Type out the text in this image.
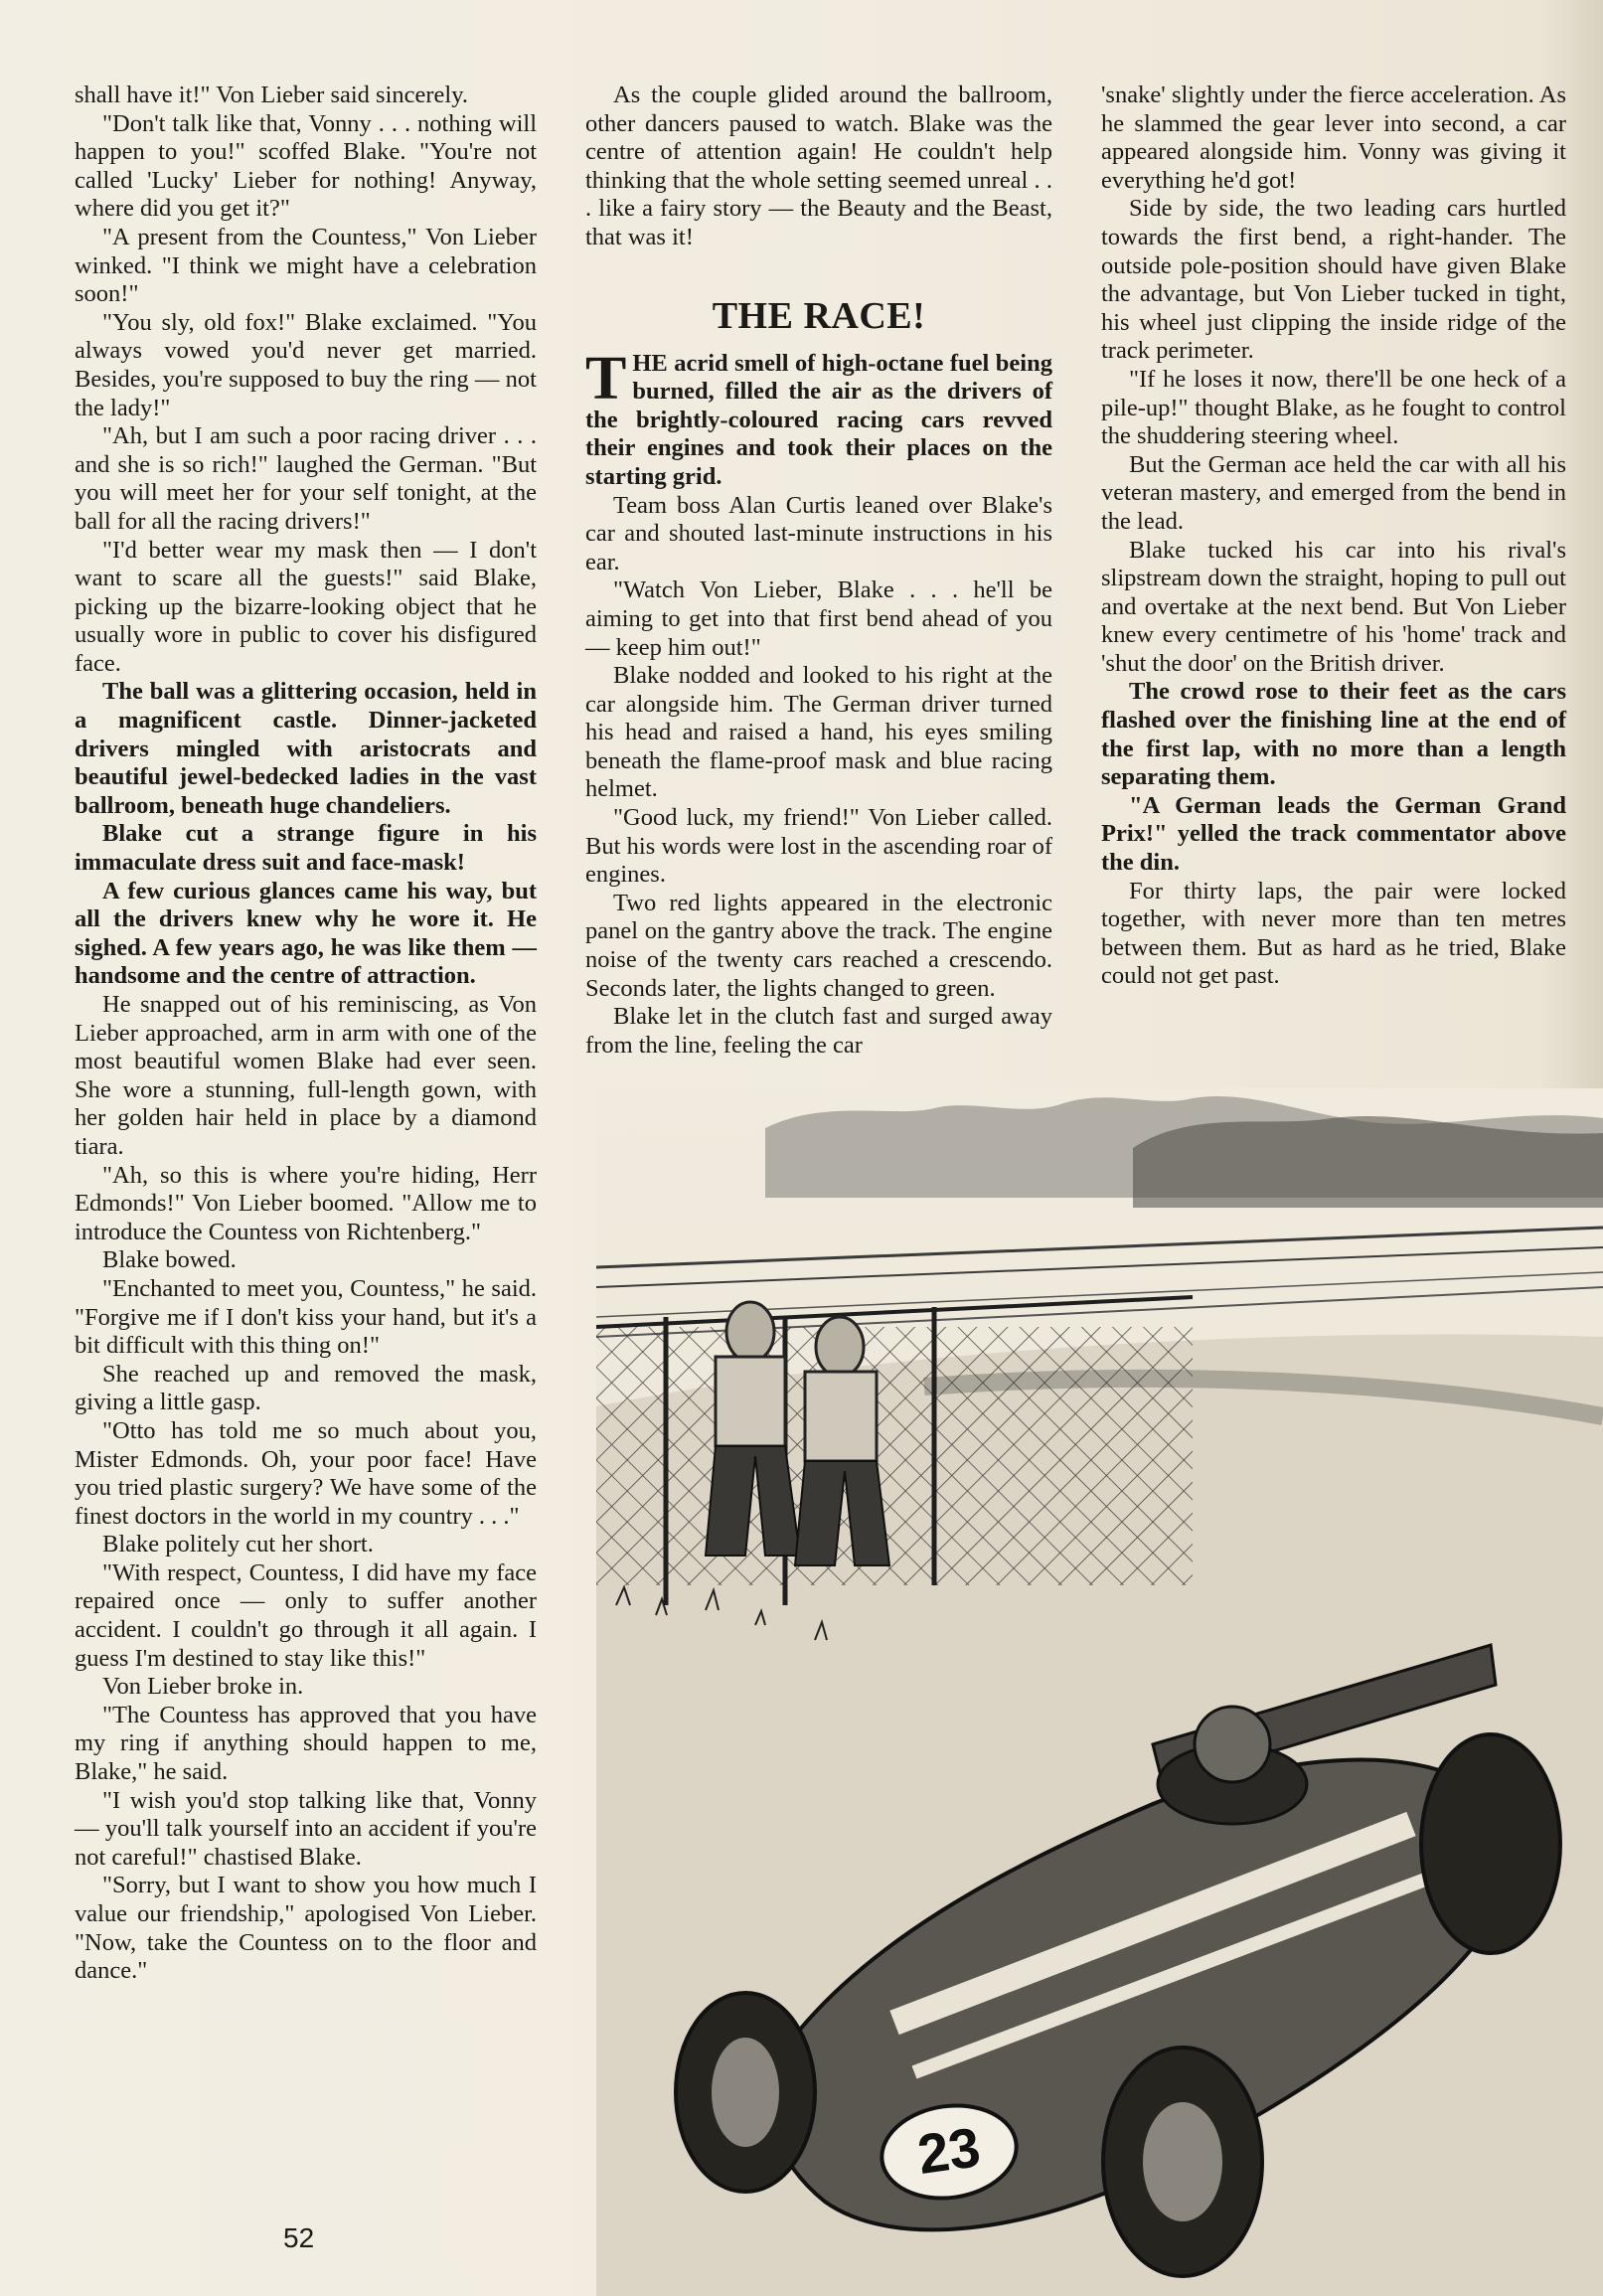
shall have it!" Von Lieber said sincerely.

"Don't talk like that, Vonny . . . nothing will happen to you!" scoffed Blake. "You're not called 'Lucky' Lieber for nothing! Anyway, where did you get it?"

"A present from the Countess," Von Lieber winked. "I think we might have a celebration soon!"

"You sly, old fox!" Blake exclaimed. "You always vowed you'd never get married. Besides, you're supposed to buy the ring — not the lady!"

"Ah, but I am such a poor racing driver . . . and she is so rich!" laughed the German. "But you will meet her for your self tonight, at the ball for all the racing drivers!"

"I'd better wear my mask then — I don't want to scare all the guests!" said Blake, picking up the bizarre-looking object that he usually wore in public to cover his disfigured face.

The ball was a glittering occasion, held in a magnificent castle. Dinner-jacketed drivers mingled with aristocrats and beautiful jewel-bedecked ladies in the vast ballroom, beneath huge chandeliers.

Blake cut a strange figure in his immaculate dress suit and face-mask!

A few curious glances came his way, but all the drivers knew why he wore it. He sighed. A few years ago, he was like them — handsome and the centre of attraction.

He snapped out of his reminiscing, as Von Lieber approached, arm in arm with one of the most beautiful women Blake had ever seen. She wore a stunning, full-length gown, with her golden hair held in place by a diamond tiara.

"Ah, so this is where you're hiding, Herr Edmonds!" Von Lieber boomed. "Allow me to introduce the Countess von Richtenberg."

Blake bowed.

"Enchanted to meet you, Countess," he said. "Forgive me if I don't kiss your hand, but it's a bit difficult with this thing on!"

She reached up and removed the mask, giving a little gasp.

"Otto has told me so much about you, Mister Edmonds. Oh, your poor face! Have you tried plastic surgery? We have some of the finest doctors in the world in my country . . ."

Blake politely cut her short.

"With respect, Countess, I did have my face repaired once — only to suffer another accident. I couldn't go through it all again. I guess I'm destined to stay like this!"

Von Lieber broke in.

"The Countess has approved that you have my ring if anything should happen to me, Blake," he said.

"I wish you'd stop talking like that, Vonny — you'll talk yourself into an accident if you're not careful!" chastised Blake.

"Sorry, but I want to show you how much I value our friendship," apologised Von Lieber. "Now, take the Countess on to the floor and dance."

As the couple glided around the ballroom, other dancers paused to watch. Blake was the centre of attention again! He couldn't help thinking that the whole setting seemed unreal . . . like a fairy story — the Beauty and the Beast, that was it!

THE RACE!

THE acrid smell of high-octane fuel being burned, filled the air as the drivers of the brightly-coloured racing cars revved their engines and took their places on the starting grid.

Team boss Alan Curtis leaned over Blake's car and shouted last-minute instructions in his ear.

"Watch Von Lieber, Blake . . . he'll be aiming to get into that first bend ahead of you — keep him out!"

Blake nodded and looked to his right at the car alongside him. The German driver turned his head and raised a hand, his eyes smiling beneath the flame-proof mask and blue racing helmet.

"Good luck, my friend!" Von Lieber called. But his words were lost in the ascending roar of engines.

Two red lights appeared in the electronic panel on the gantry above the track. The engine noise of the twenty cars reached a crescendo. Seconds later, the lights changed to green.

Blake let in the clutch fast and surged away from the line, feeling the car

'snake' slightly under the fierce acceleration. As he slammed the gear lever into second, a car appeared alongside him. Vonny was giving it everything he'd got!

Side by side, the two leading cars hurtled towards the first bend, a right-hander. The outside pole-position should have given Blake the advantage, but Von Lieber tucked in tight, his wheel just clipping the inside ridge of the track perimeter.

"If he loses it now, there'll be one heck of a pile-up!" thought Blake, as he fought to control the shuddering steering wheel.

But the German ace held the car with all his veteran mastery, and emerged from the bend in the lead.

Blake tucked his car into his rival's slipstream down the straight, hoping to pull out and overtake at the next bend. But Von Lieber knew every centimetre of his 'home' track and 'shut the door' on the British driver.

The crowd rose to their feet as the cars flashed over the finishing line at the end of the first lap, with no more than a length separating them.

"A German leads the German Grand Prix!" yelled the track commentator above the din.

For thirty laps, the pair were locked together, with never more than ten metres between them. But as hard as he tried, Blake could not get past.

23
52
